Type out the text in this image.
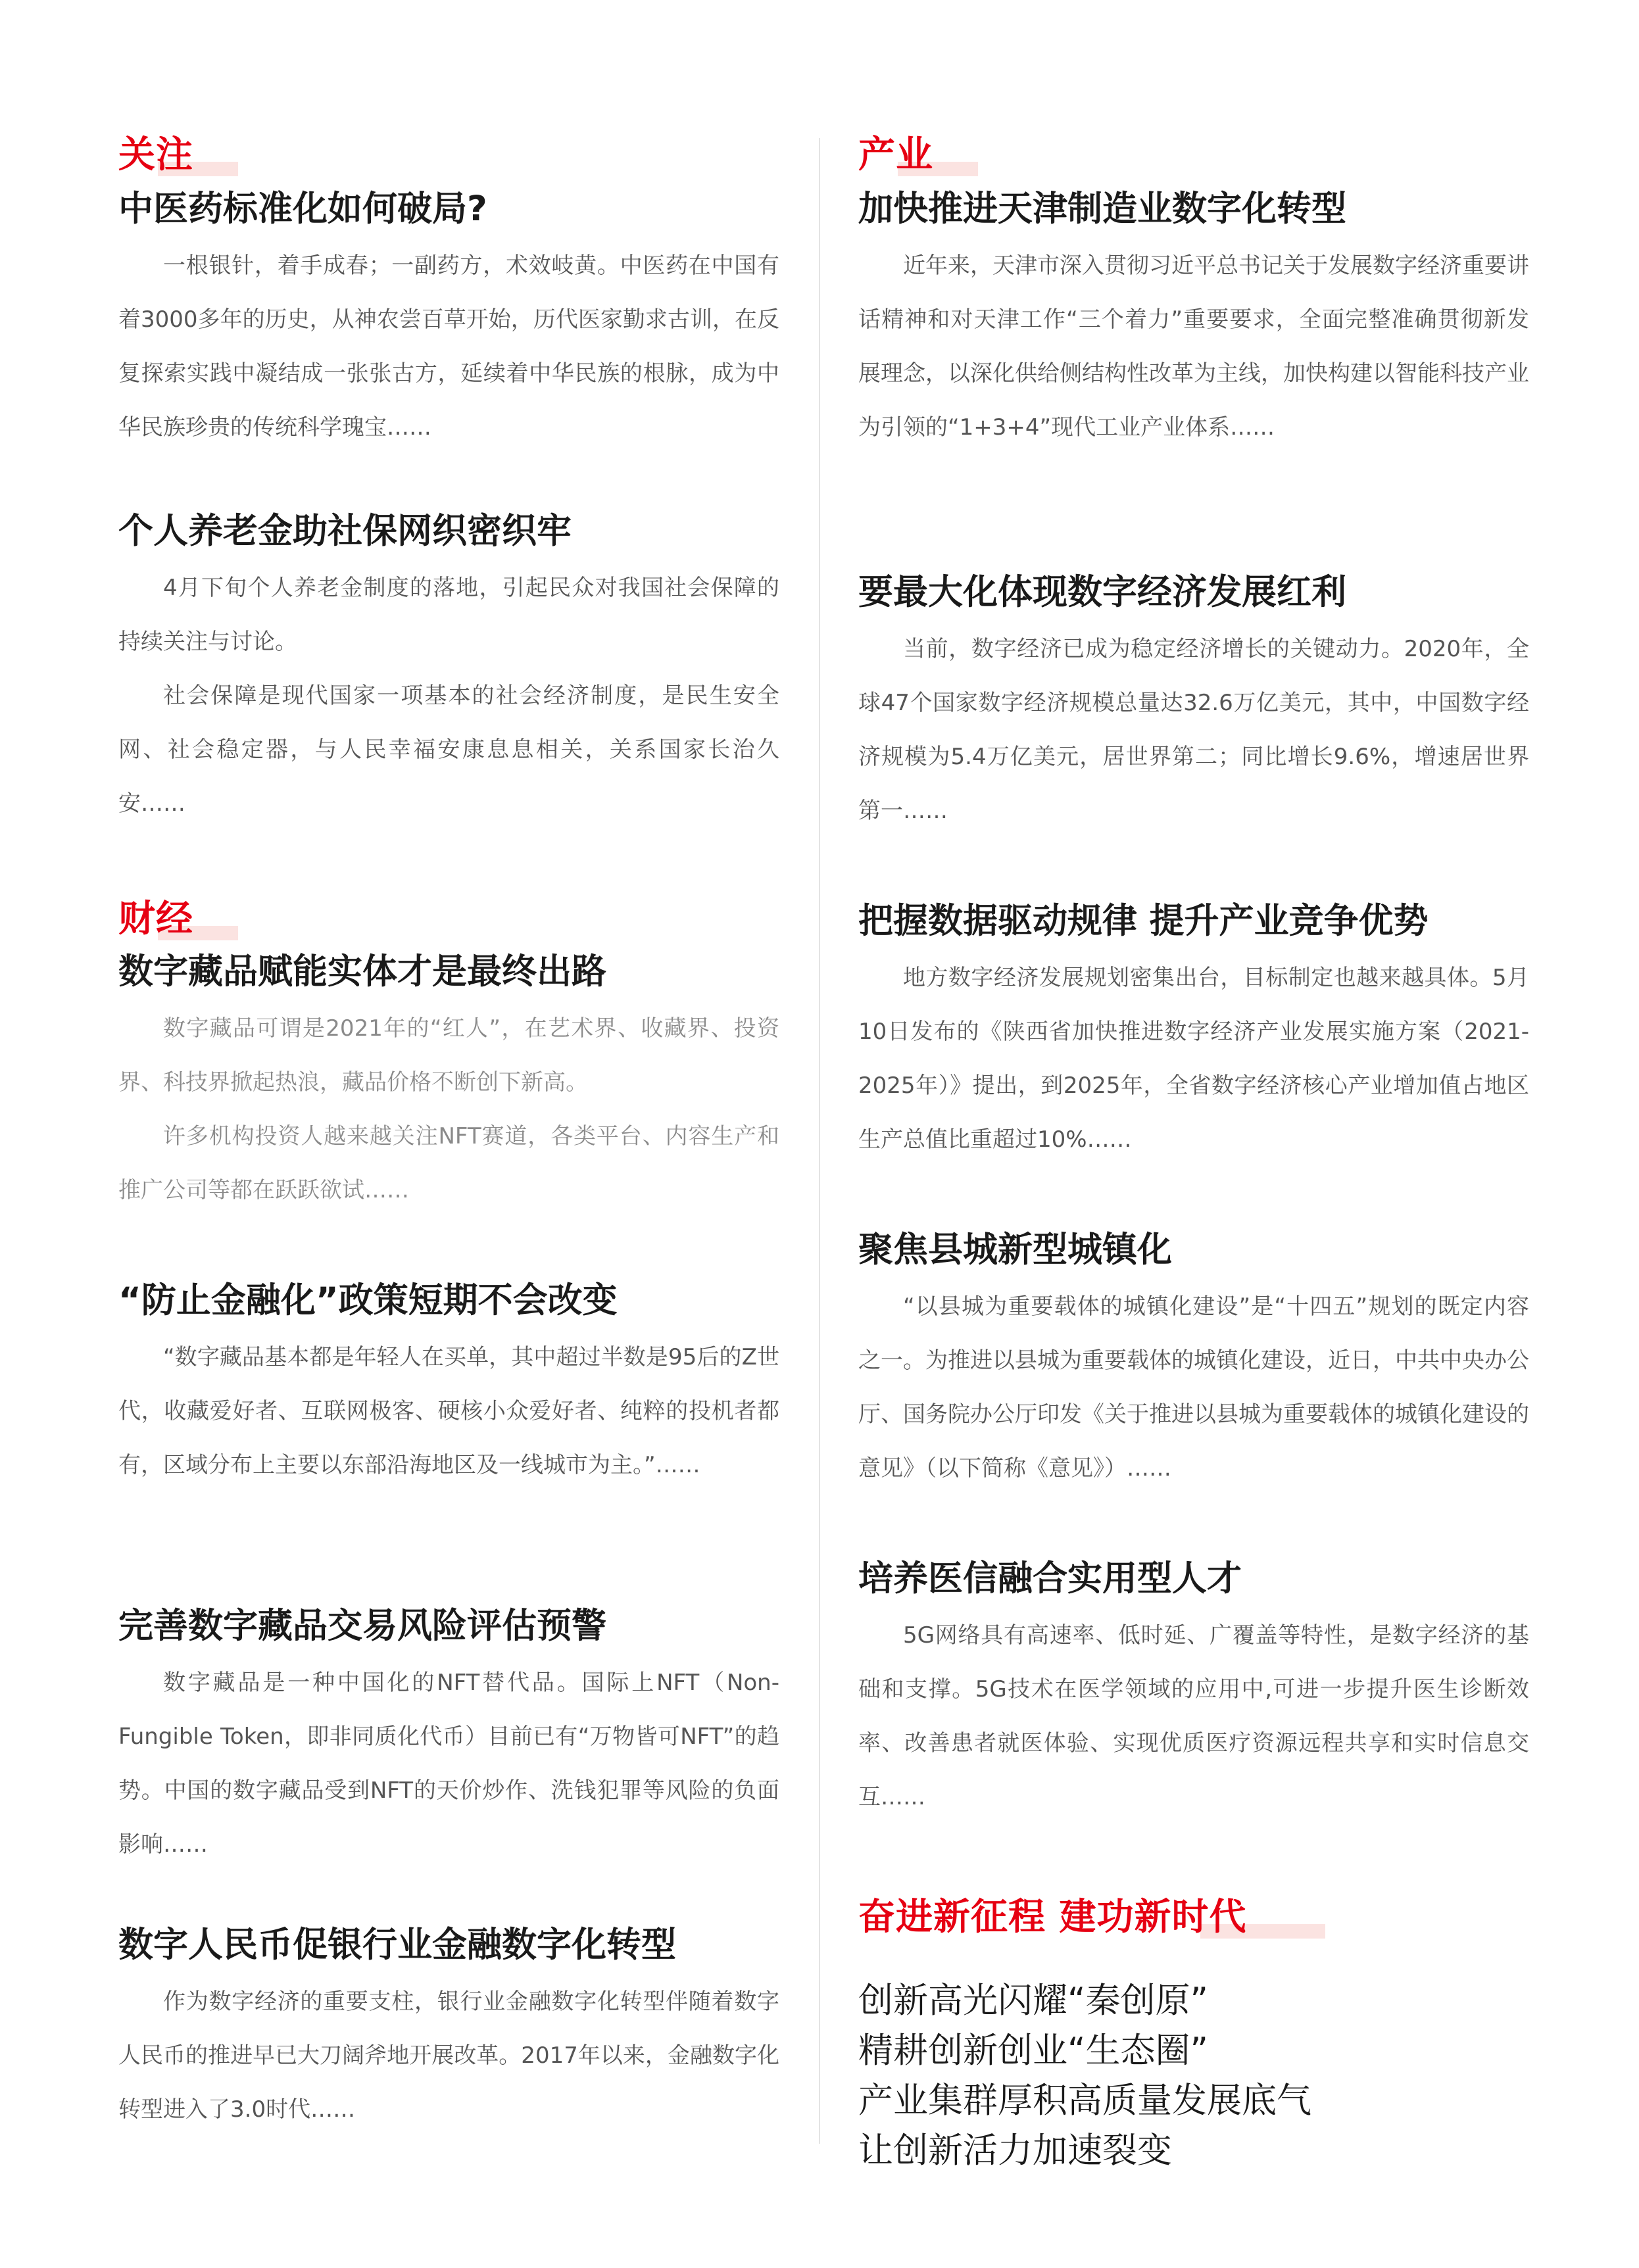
关注
中医药标准化如何破局?

一根银针，着手成春；一副药方，术效岐黄。中医药在中国有着3000多年的历史，从神农尝百草开始，历代医家勤求古训，在反复探索实践中凝结成一张张古方，延续着中华民族的根脉，成为中华民族珍贵的传统科学瑰宝……

个人养老金助社保网织密织牢

4月下旬个人养老金制度的落地，引起民众对我国社会保障的持续关注与讨论。

社会保障是现代国家一项基本的社会经济制度，是民生安全网、社会稳定器，与人民幸福安康息息相关，关系国家长治久安……

财经
数字藏品赋能实体才是最终出路

数字藏品可谓是2021年的“红人”，在艺术界、收藏界、投资界、科技界掀起热浪，藏品价格不断创下新高。

许多机构投资人越来越关注NFT赛道，各类平台、内容生产和推广公司等都在跃跃欲试……

“防止金融化”政策短期不会改变

“数字藏品基本都是年轻人在买单，其中超过半数是95后的Z世代，收藏爱好者、互联网极客、硬核小众爱好者、纯粹的投机者都有，区域分布上主要以东部沿海地区及一线城市为主。”……

完善数字藏品交易风险评估预警

数字藏品是一种中国化的NFT替代品。国际上NFT（Non-Fungible Token，即非同质化代币）目前已有“万物皆可NFT”的趋势。中国的数字藏品受到NFT的天价炒作、洗钱犯罪等风险的负面影响……

数字人民币促银行业金融数字化转型

作为数字经济的重要支柱，银行业金融数字化转型伴随着数字人民币的推进早已大刀阔斧地开展改革。2017年以来，金融数字化转型进入了3.0时代……

产业
加快推进天津制造业数字化转型

近年来，天津市深入贯彻习近平总书记关于发展数字经济重要讲话精神和对天津工作“三个着力”重要要求，全面完整准确贯彻新发展理念，以深化供给侧结构性改革为主线，加快构建以智能科技产业为引领的“1+3+4”现代工业产业体系……

要最大化体现数字经济发展红利

当前，数字经济已成为稳定经济增长的关键动力。2020年，全球47个国家数字经济规模总量达32.6万亿美元，其中，中国数字经济规模为5.4万亿美元，居世界第二；同比增长9.6%，增速居世界第一……

把握数据驱动规律 提升产业竞争优势

地方数字经济发展规划密集出台，目标制定也越来越具体。5月10日发布的《陕西省加快推进数字经济产业发展实施方案（2021-2025年）》提出，到2025年，全省数字经济核心产业增加值占地区生产总值比重超过10%……

聚焦县城新型城镇化

“以县城为重要载体的城镇化建设”是“十四五”规划的既定内容之一。为推进以县城为重要载体的城镇化建设，近日，中共中央办公厅、国务院办公厅印发《关于推进以县城为重要载体的城镇化建设的意见》（以下简称《意见》）……

培养医信融合实用型人才

5G网络具有高速率、低时延、广覆盖等特性，是数字经济的基础和支撑。5G技术在医学领域的应用中,可进一步提升医生诊断效率、改善患者就医体验、实现优质医疗资源远程共享和实时信息交互……

奋进新征程 建功新时代

创新高光闪耀“秦创原”

精耕创新创业“生态圈”

产业集群厚积高质量发展底气

让创新活力加速裂变
